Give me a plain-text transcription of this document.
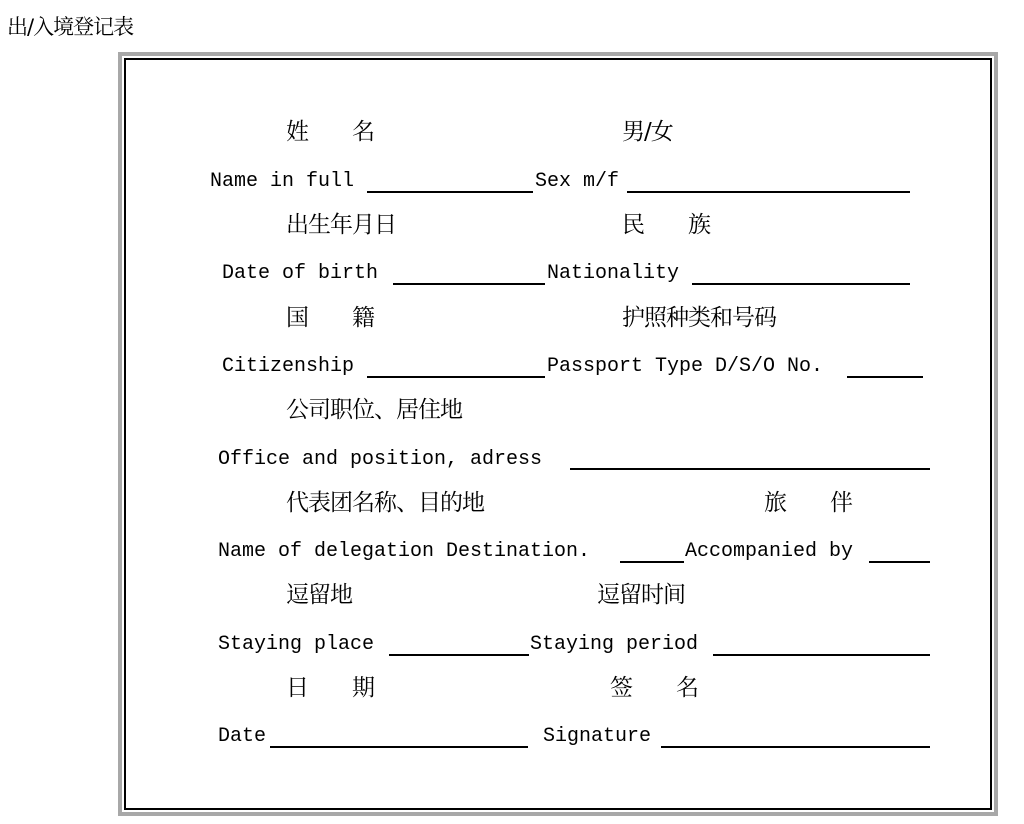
出/入境登记表
姓　　名	男/女
Name in full	Sex m/f
出生年月日	民　　族
Date of birth	Nationality
国　　籍	护照种类和号码
Citizenship	Passport Type D/S/O No.
公司职位、居住地
Office and position, adress
代表团名称、目的地	旅　　伴
Name of delegation Destination.	Accompanied by
逗留地	逗留时间
Staying place	Staying period
日　　期	签　　名
Date	Signature
